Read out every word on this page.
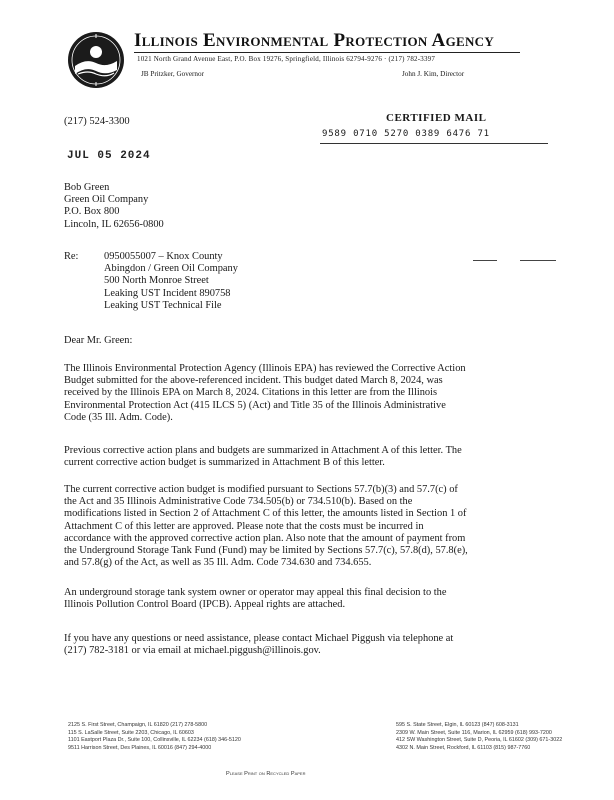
Illinois Environmental Protection Agency
1021 North Grand Avenue East, P.O. Box 19276, Springfield, Illinois 62794-9276 · (217) 782-3397
JB Pritzker, Governor	John J. Kim, Director
(217) 524-3300	CERTIFIED MAIL
9589 0710 5270 0389 6476 71
JUL 05 2024
Bob Green
Green Oil Company
P.O. Box 800
Lincoln, IL 62656-0800
Re: 0950055007 – Knox County
Abingdon / Green Oil Company
500 North Monroe Street
Leaking UST Incident 890758
Leaking UST Technical File
Dear Mr. Green:
The Illinois Environmental Protection Agency (Illinois EPA) has reviewed the Corrective Action
Budget submitted for the above-referenced incident. This budget dated March 8, 2024, was
received by the Illinois EPA on March 8, 2024. Citations in this letter are from the Illinois
Environmental Protection Act (415 ILCS 5) (Act) and Title 35 of the Illinois Administrative
Code (35 Ill. Adm. Code).
Previous corrective action plans and budgets are summarized in Attachment A of this letter. The
current corrective action budget is summarized in Attachment B of this letter.
The current corrective action budget is modified pursuant to Sections 57.7(b)(3) and 57.7(c) of
the Act and 35 Illinois Administrative Code 734.505(b) or 734.510(b). Based on the
modifications listed in Section 2 of Attachment C of this letter, the amounts listed in Section 1 of
Attachment C of this letter are approved. Please note that the costs must be incurred in
accordance with the approved corrective action plan. Also note that the amount of payment from
the Underground Storage Tank Fund (Fund) may be limited by Sections 57.7(c), 57.8(d), 57.8(e),
and 57.8(g) of the Act, as well as 35 Ill. Adm. Code 734.630 and 734.655.
An underground storage tank system owner or operator may appeal this final decision to the
Illinois Pollution Control Board (IPCB). Appeal rights are attached.
If you have any questions or need assistance, please contact Michael Piggush via telephone at
(217) 782-3181 or via email at michael.piggush@illinois.gov.
2125 S. First Street, Champaign, IL 61820 (217) 278-5800
115 S. LaSalle Street, Suite 2203, Chicago, IL 60603
1101 Eastport Plaza Dr., Suite 100, Collinsville, IL 62234 (618) 346-5120
9511 Harrison Street, Des Plaines, IL 60016 (847) 294-4000
595 S. State Street, Elgin, IL 60123 (847) 608-3131
2309 W. Main Street, Suite 116, Marion, IL 62959 (618) 993-7200
412 SW Washington Street, Suite D, Peoria, IL 61602 (309) 671-3022
4302 N. Main Street, Rockford, IL 61103 (815) 987-7760
Please Print on Recycled Paper
